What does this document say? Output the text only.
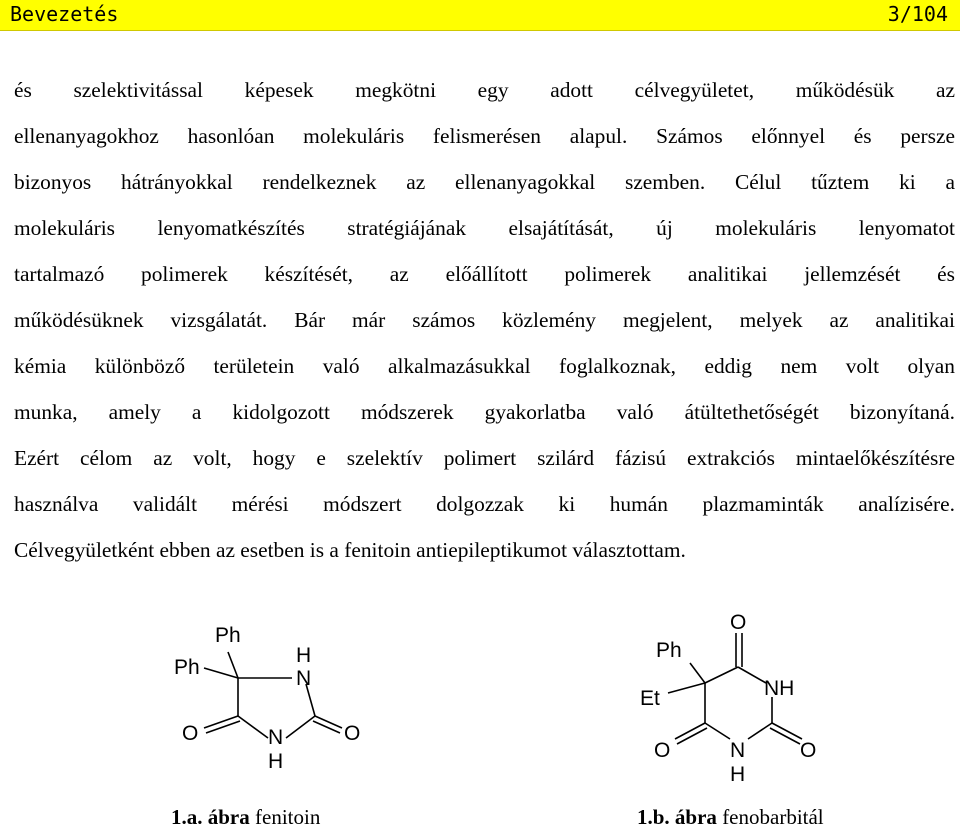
Bevezetés	3/104
és szelektivitással képesek megkötni egy adott célvegyületet, működésük az
ellenanyagokhoz hasonlóan molekuláris felismerésen alapul. Számos előnnyel és persze
bizonyos hátrányokkal rendelkeznek az ellenanyagokkal szemben. Célul tűztem ki a
molekuláris lenyomatkészítés stratégiájának elsajátítását, új molekuláris lenyomatot
tartalmazó polimerek készítését, az előállított polimerek analitikai jellemzését és
működésüknek vizsgálatát. Bár már számos közlemény megjelent, melyek az analitikai
kémia különböző területein való alkalmazásukkal foglalkoznak, eddig nem volt olyan
munka, amely a kidolgozott módszerek gyakorlatba való átültethetőségét bizonyítaná.
Ezért célom az volt, hogy e szelektív polimert szilárd fázisú extrakciós mintaelőkészítésre
használva validált mérési módszert dolgozzak ki humán plazmaminták analízisére.
Célvegyületként ebben az esetben is a fenitoin antiepileptikumot választottam.
Ph
Ph
H
N
O	O
N
H
O
Ph
Et	NH
O	N	O
H
1.a. ábra fenitoin	1.b. ábra fenobarbitál
